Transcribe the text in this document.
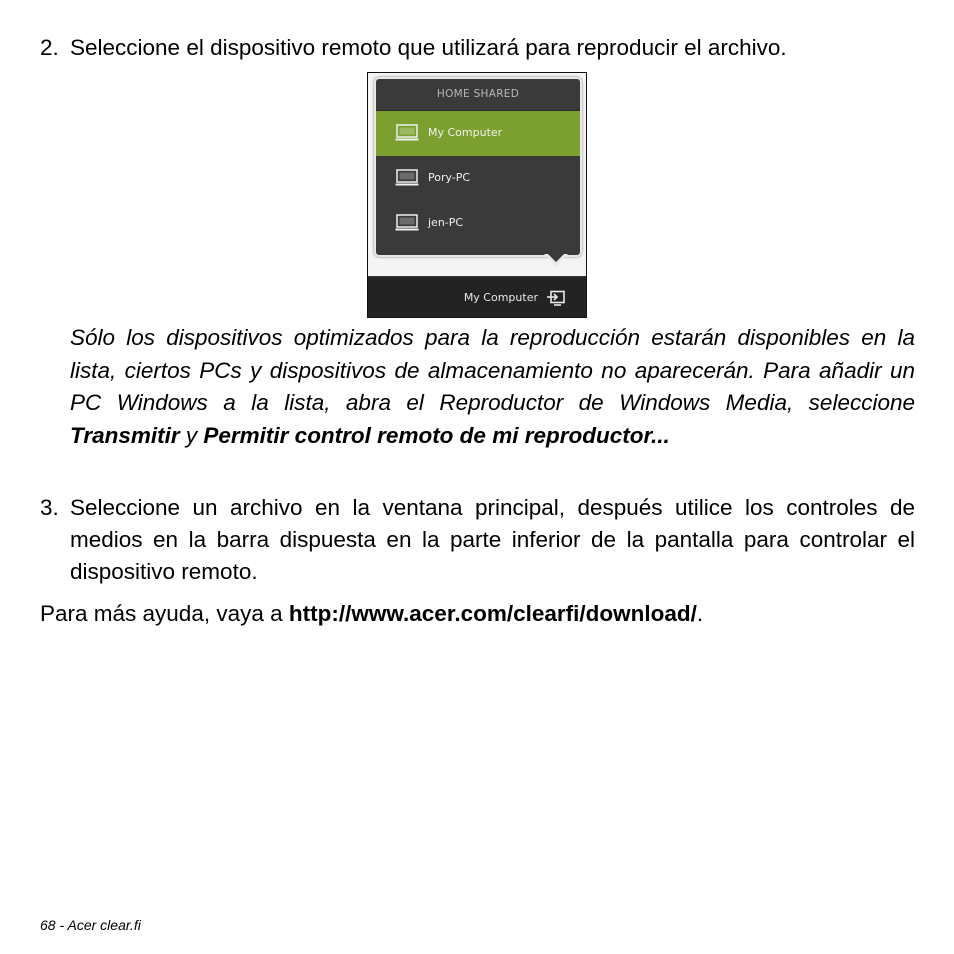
2. Seleccione el dispositivo remoto que utilizará para reproducir el archivo.
My Computer
HOME SHARED
My Computer
Pory-PC
jen-PC
Sólo los dispositivos optimizados para la reproducción estarán disponibles en la lista, ciertos PCs y dispositivos de almacenamiento no aparecerán. Para añadir un PC Windows a la lista, abra el Reproductor de Windows Media, seleccione Transmitir y Permitir control remoto de mi reproductor...
3. Seleccione un archivo en la ventana principal, después utilice los controles de medios en la barra dispuesta en la parte inferior de la pantalla para controlar el dispositivo remoto.
Para más ayuda, vaya a http://www.acer.com/clearfi/download/.
68 - Acer clear.fi
